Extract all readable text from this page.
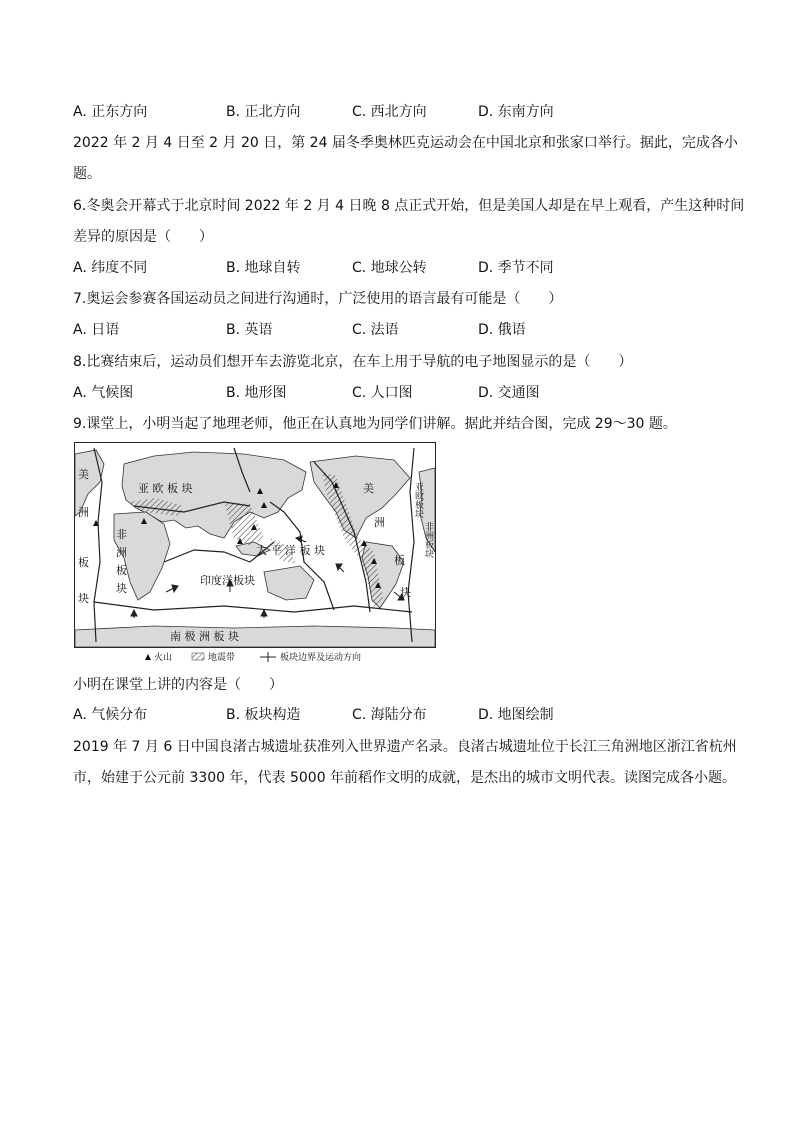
A. 正东方向	B. 正北方向	C. 西北方向	D. 东南方向
2022 年 2 月 4 日至 2 月 20 日，第 24 届冬季奥林匹克运动会在中国北京和张家口举行。据此，完成各小
题。
6.冬奥会开幕式于北京时间 2022 年 2 月 4 日晚 8 点正式开始，但是美国人却是在早上观看，产生这种时间
差异的原因是（　　）
A. 纬度不同	B. 地球自转	C. 地球公转	D. 季节不同
7.奥运会参赛各国运动员之间进行沟通时，广泛使用的语言最有可能是（　　）
A. 日语	B. 英语	C. 法语	D. 俄语
8.比赛结束后，运动员们想开车去游览北京，在车上用于导航的电子地图显示的是（　　）
A. 气候图	B. 地形图	C. 人口图	D. 交通图
9.课堂上，小明当起了地理老师，他正在认真地为同学们讲解。据此并结合图，完成 29～30 题。
亚 欧 板 块
非
洲
板
块
太 平 洋 板 块
印度洋板块
美
洲
板
块
南 极 洲 板 块
美
洲
板
块
亚欧板块
非洲板块
火山	地震带	板块边界及运动方向
小明在课堂上讲的内容是（　　）
A. 气候分布	B. 板块构造	C. 海陆分布	D. 地图绘制
2019 年 7 月 6 日中国良渚古城遗址获准列入世界遗产名录。良渚古城遗址位于长江三角洲地区浙江省杭州
市，始建于公元前 3300 年，代表 5000 年前稻作文明的成就，是杰出的城市文明代表。读图完成各小题。
